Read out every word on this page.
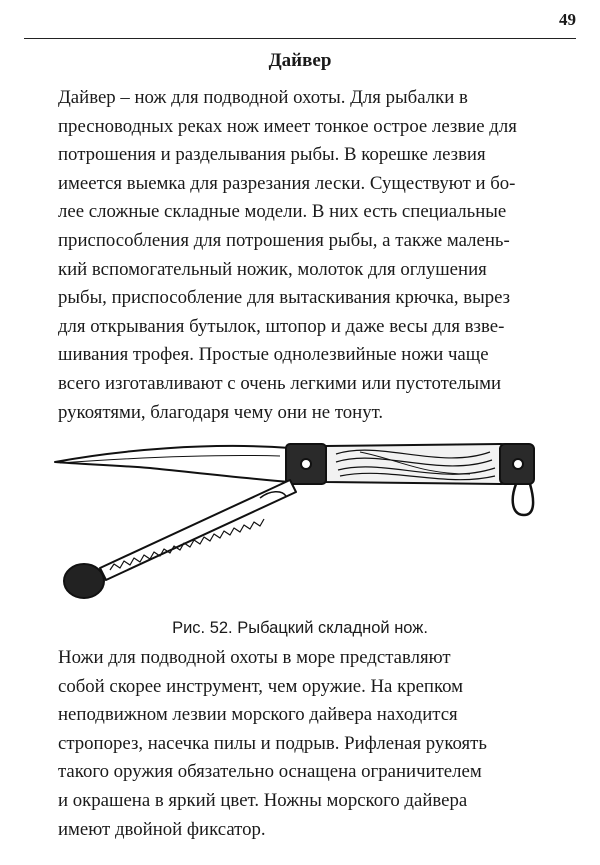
49
Дайвер

Дайвер – нож для подводной охоты. Для рыбалки в
пресноводных реках нож имеет тонкое острое лезвие для
потрошения и разделывания рыбы. В корешке лезвия
имеется выемка для разрезания лески. Существуют и бо-
лее сложные складные модели. В них есть специальные
приспособления для потрошения рыбы, а также малень-
кий вспомогательный ножик, молоток для оглушения
рыбы, приспособление для вытаскивания крючка, вырез
для открывания бутылок, штопор и даже весы для взве-
шивания трофея. Простые однолезвийные ножи чаще
всего изготавливают с очень легкими или пустотелыми
рукоятями, благодаря чему они не тонут.

Рис. 52. Рыбацкий складной нож.

Ножи для подводной охоты в море представляют
собой скорее инструмент, чем оружие. На крепком
неподвижном лезвии морского дайвера находится
стропорез, насечка пилы и подрыв. Рифленая рукоять
такого оружия обязательно оснащена ограничителем
и окрашена в яркий цвет. Ножны морского дайвера
имеют двойной фиксатор.
